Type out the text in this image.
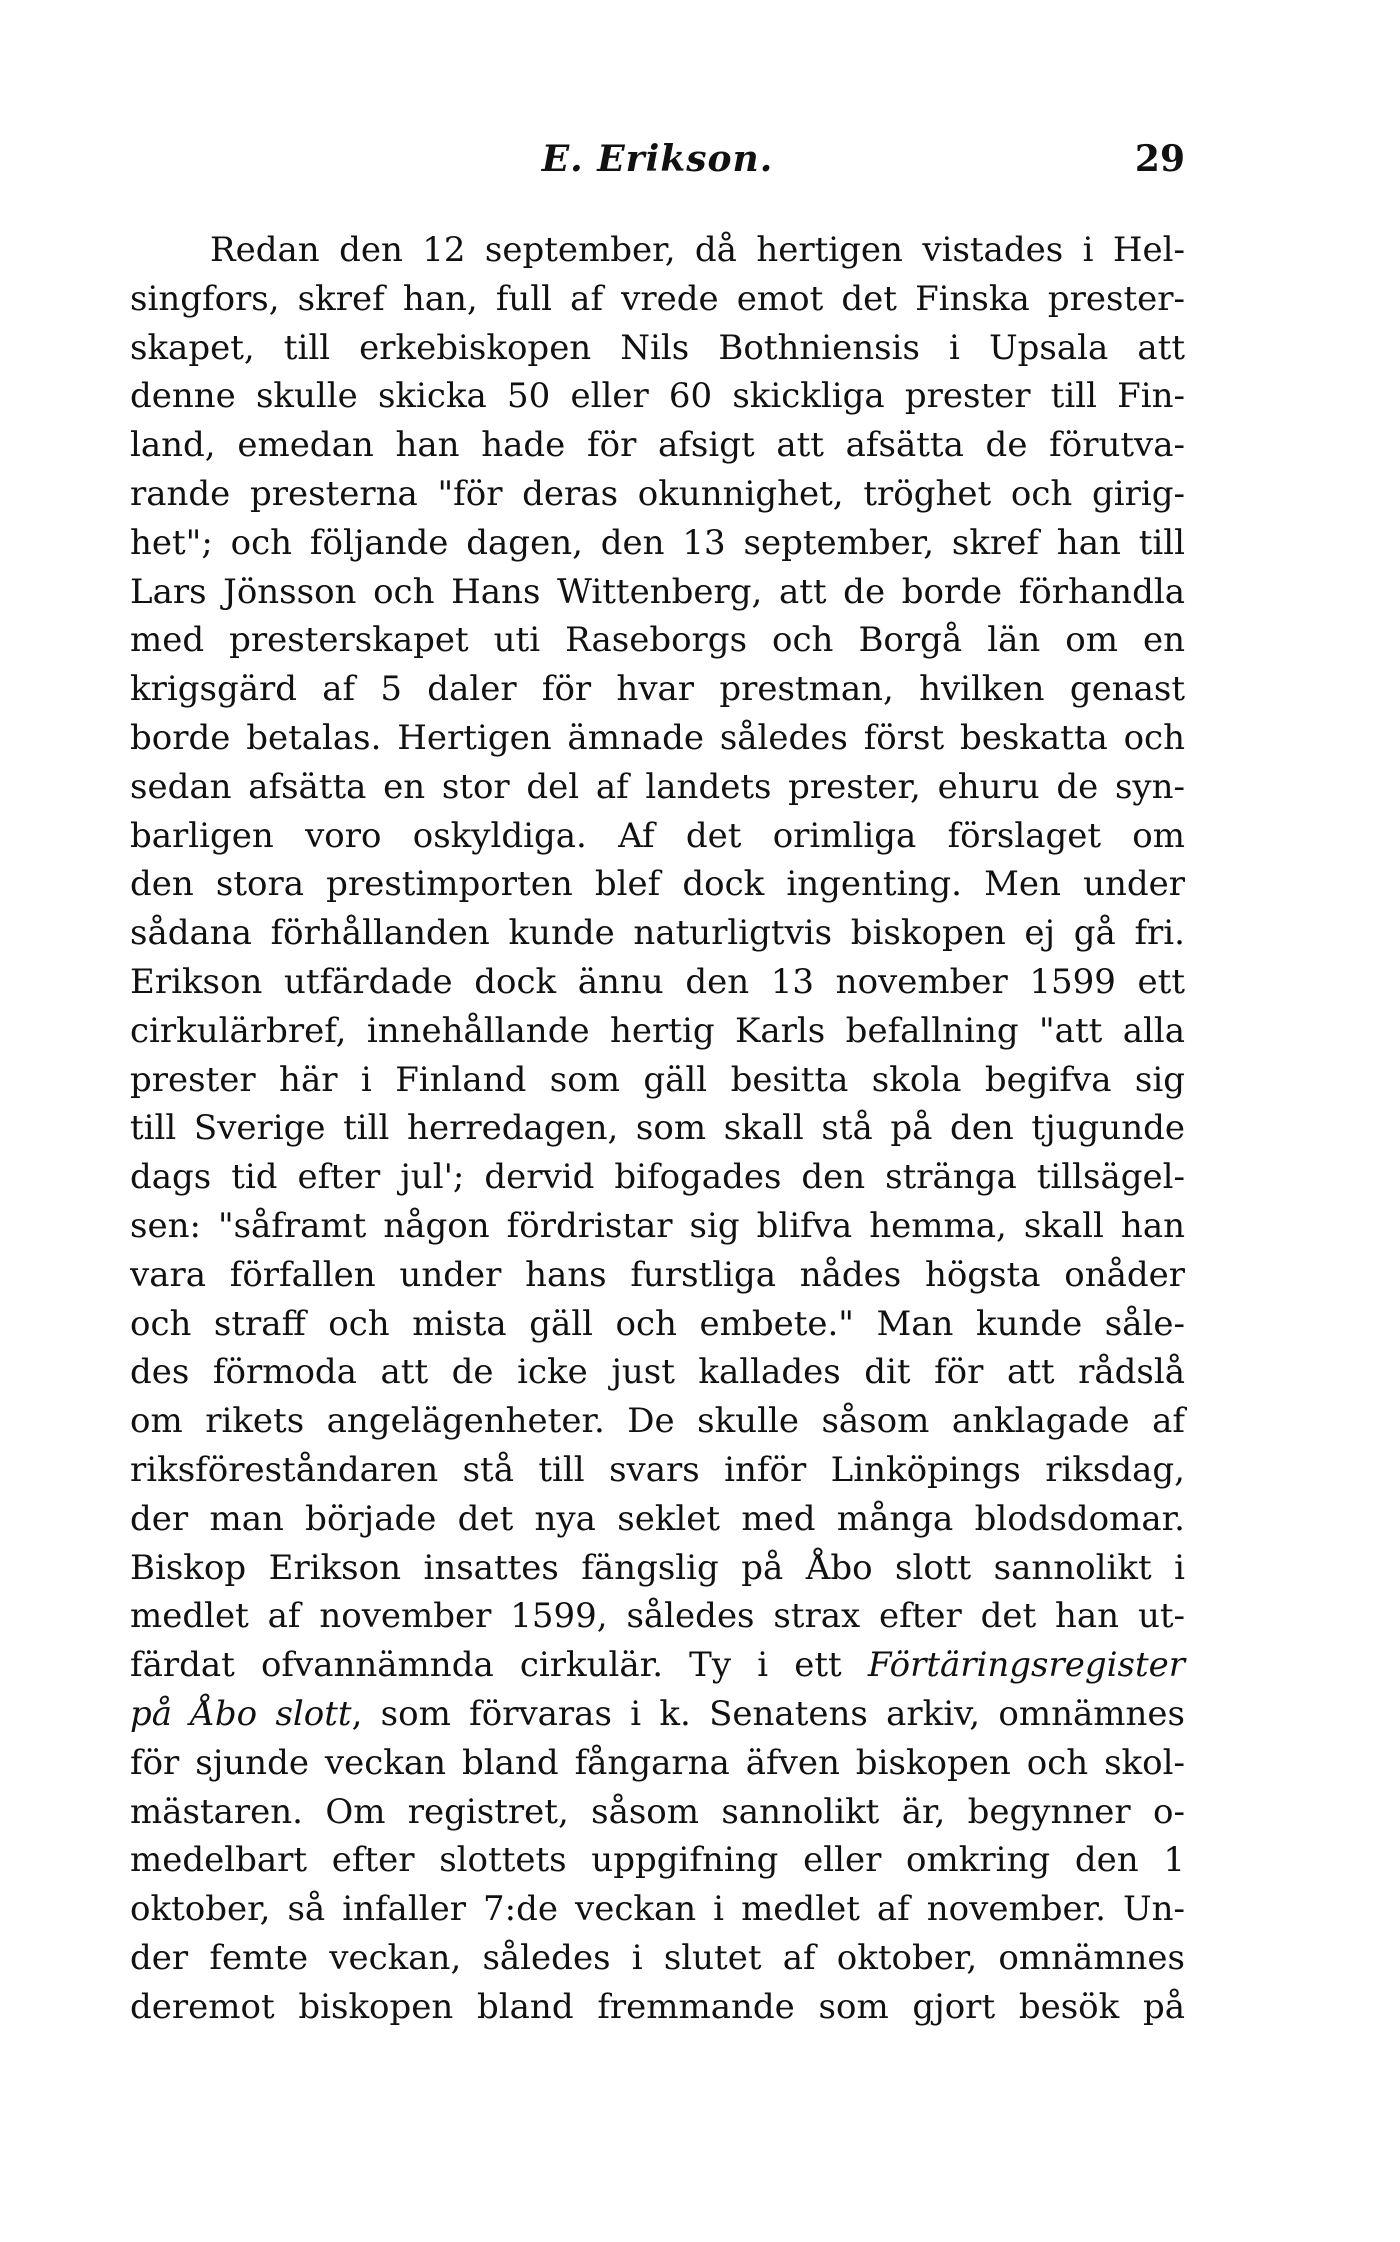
E. Erikson.	29
Redan den 12 september, då hertigen vistades i Hel-
singfors, skref han, full af vrede emot det Finska prester-
skapet, till erkebiskopen Nils Bothniensis i Upsala att
denne skulle skicka 50 eller 60 skickliga prester till Fin-
land, emedan han hade för afsigt att afsätta de förutva-
rande presterna "för deras okunnighet, tröghet och girig-
het"; och följande dagen, den 13 september, skref han till
Lars Jönsson och Hans Wittenberg, att de borde förhandla
med presterskapet uti Raseborgs och Borgå län om en
krigsgärd af 5 daler för hvar prestman, hvilken genast
borde betalas. Hertigen ämnade således först beskatta och
sedan afsätta en stor del af landets prester, ehuru de syn-
barligen voro oskyldiga. Af det orimliga förslaget om
den stora prestimporten blef dock ingenting. Men under
sådana förhållanden kunde naturligtvis biskopen ej gå fri.
Erikson utfärdade dock ännu den 13 november 1599 ett
cirkulärbref, innehållande hertig Karls befallning "att alla
prester här i Finland som gäll besitta skola begifva sig
till Sverige till herredagen, som skall stå på den tjugunde
dags tid efter jul'; dervid bifogades den stränga tillsägel-
sen: "såframt någon fördristar sig blifva hemma, skall han
vara förfallen under hans furstliga nådes högsta onåder
och straff och mista gäll och embete." Man kunde såle-
des förmoda att de icke just kallades dit för att rådslå
om rikets angelägenheter. De skulle såsom anklagade af
riksföreståndaren stå till svars inför Linköpings riksdag,
der man började det nya seklet med många blodsdomar.
Biskop Erikson insattes fängslig på Åbo slott sannolikt i
medlet af november 1599, således strax efter det han ut-
färdat ofvannämnda cirkulär. Ty i ett Förtäringsregister
på Åbo slott, som förvaras i k. Senatens arkiv, omnämnes
för sjunde veckan bland fångarna äfven biskopen och skol-
mästaren. Om registret, såsom sannolikt är, begynner o-
medelbart efter slottets uppgifning eller omkring den 1
oktober, så infaller 7:de veckan i medlet af november. Un-
der femte veckan, således i slutet af oktober, omnämnes
deremot biskopen bland fremmande som gjort besök på
